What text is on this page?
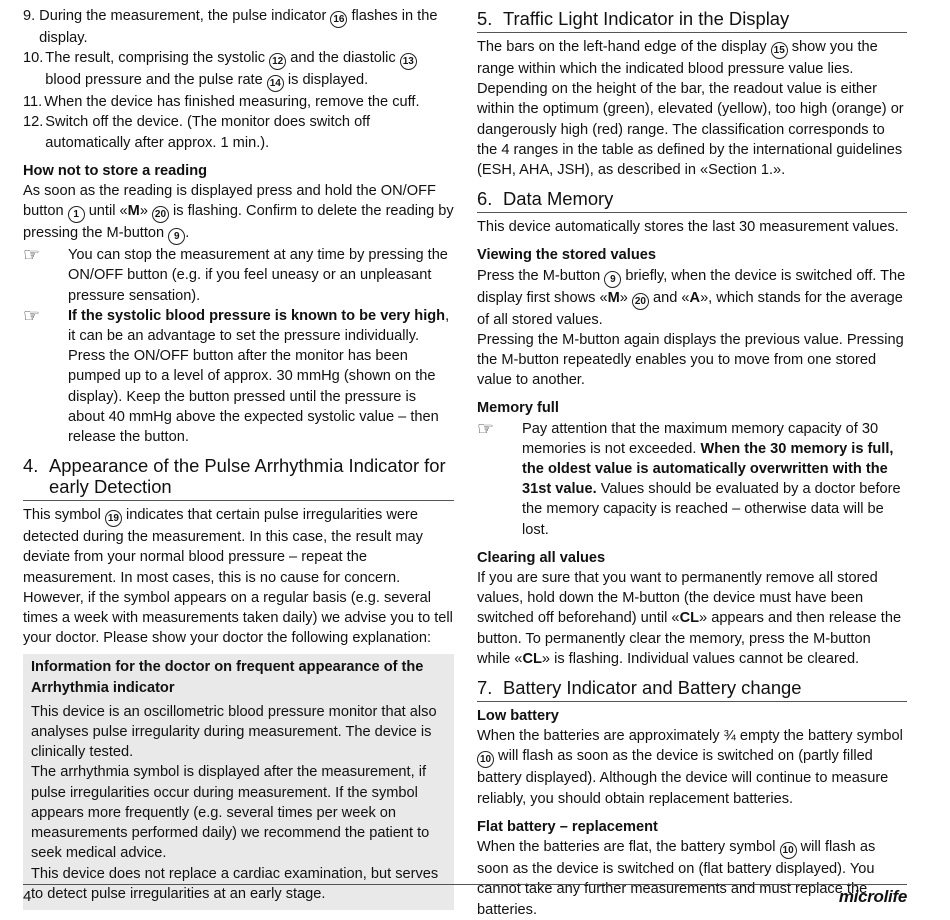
9. During the measurement, the pulse indicator 16 flashes in the display.
10. The result, comprising the systolic 12 and the diastolic 13 blood pressure and the pulse rate 14 is displayed.
11. When the device has finished measuring, remove the cuff.
12. Switch off the device. (The monitor does switch off automatically after approx. 1 min.).

How not to store a reading

As soon as the reading is displayed press and hold the ON/OFF button 1 until «M» 20 is flashing. Confirm to delete the reading by pressing the M-button 9 .

☞	You can stop the measurement at any time by pressing the ON/OFF button (e.g. if you feel uneasy or an unpleasant pressure sensation).
☞	If the systolic blood pressure is known to be very high, it can be an advantage to set the pressure individually. Press the ON/OFF button after the monitor has been pumped up to a level of approx. 30 mmHg (shown on the display). Keep the button pressed until the pressure is about 40 mmHg above the expected systolic value – then release the button.
4. Appearance of the Pulse Arrhythmia Indicator for early Detection

This symbol 19 indicates that certain pulse irregularities were detected during the measurement. In this case, the result may deviate from your normal blood pressure – repeat the measurement. In most cases, this is no cause for concern. However, if the symbol appears on a regular basis (e.g. several times a week with measurements taken daily) we advise you to tell your doctor. Please show your doctor the following explanation:

Information for the doctor on frequent appearance of the Arrhythmia indicator

This device is an oscillometric blood pressure monitor that also analyses pulse irregularity during measurement. The device is clinically tested.

The arrhythmia symbol is displayed after the measurement, if pulse irregularities occur during measurement. If the symbol appears more frequently (e.g. several times per week on measurements performed daily) we recommend the patient to seek medical advice.

This device does not replace a cardiac examination, but serves to detect pulse irregularities at an early stage.

5. Traffic Light Indicator in the Display

The bars on the left-hand edge of the display 15 show you the range within which the indicated blood pressure value lies. Depending on the height of the bar, the readout value is either within the optimum (green), elevated (yellow), too high (orange) or dangerously high (red) range. The classification corresponds to the 4 ranges in the table as defined by the international guidelines (ESH, AHA, JSH), as described in «Section 1.».

6. Data Memory

This device automatically stores the last 30 measurement values.

Viewing the stored values

Press the M-button 9 briefly, when the device is switched off. The display first shows «M» 20 and «A», which stands for the average of all stored values.

Pressing the M-button again displays the previous value. Pressing the M-button repeatedly enables you to move from one stored value to another.

Memory full

☞	Pay attention that the maximum memory capacity of 30 memories is not exceeded. When the 30 memory is full, the oldest value is automatically overwritten with the 31st value. Values should be evaluated by a doctor before the memory capacity is reached – otherwise data will be lost.

Clearing all values

If you are sure that you want to permanently remove all stored values, hold down the M-button (the device must have been switched off beforehand) until «CL» appears and then release the button. To permanently clear the memory, press the M-button while «CL» is flashing. Individual values cannot be cleared.

7. Battery Indicator and Battery change

Low battery

When the batteries are approximately ¾ empty the battery symbol 10 will flash as soon as the device is switched on (partly filled battery displayed). Although the device will continue to measure reliably, you should obtain replacement batteries.

Flat battery – replacement

When the batteries are flat, the battery symbol 10 will flash as soon as the device is switched on (flat battery displayed). You cannot take any further measurements and must replace the batteries.

4	microlife
